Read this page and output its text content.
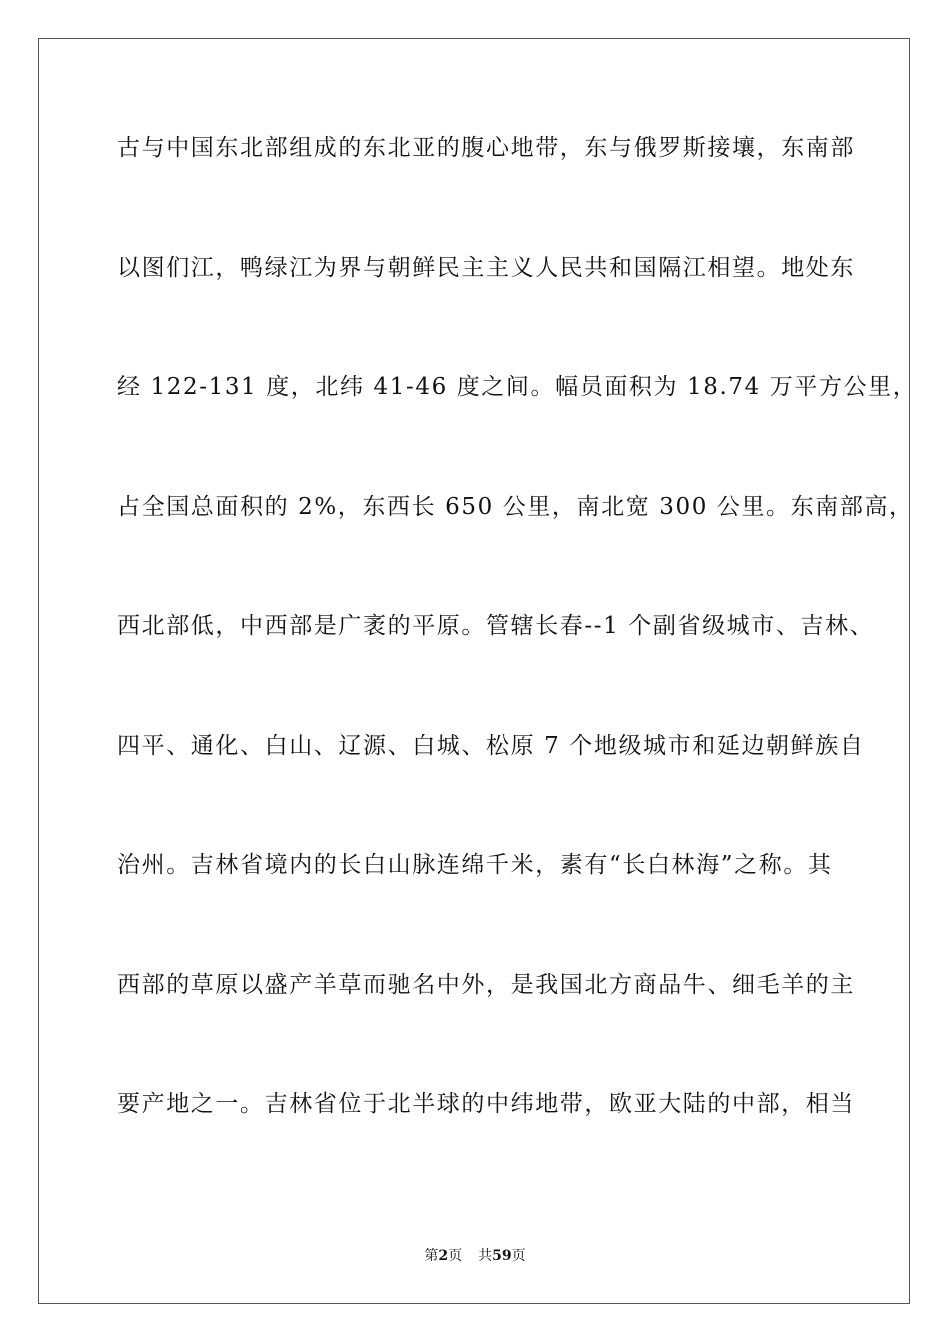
古与中国东北部组成的东北亚的腹心地带，东与俄罗斯接壤，东南部
以图们江，鸭绿江为界与朝鲜民主主义人民共和国隔江相望。地处东
经 122-131 度，北纬 41-46 度之间。幅员面积为 18.74 万平方公里，
占全国总面积的 2%，东西长 650 公里，南北宽 300 公里。东南部高，
西北部低，中西部是广袤的平原。管辖长春--1 个副省级城市、吉林、
四平、通化、白山、辽源、白城、松原 7 个地级城市和延边朝鲜族自
治州。吉林省境内的长白山脉连绵千米，素有“长白林海”之称。其
西部的草原以盛产羊草而驰名中外，是我国北方商品牛、细毛羊的主
要产地之一。吉林省位于北半球的中纬地带，欧亚大陆的中部，相当
第2页 共59页
